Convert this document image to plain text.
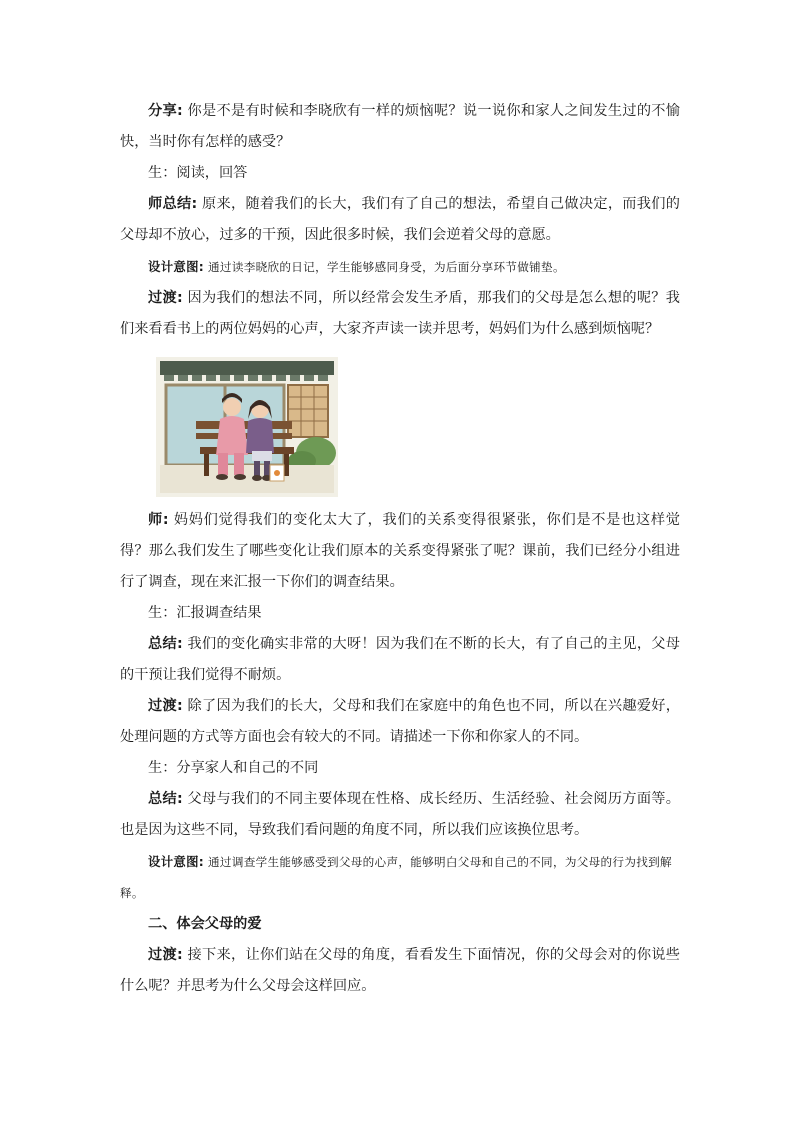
分享: 你是不是有时候和李晓欣有一样的烦恼呢？说一说你和家人之间发生过的不愉快，当时你有怎样的感受？

生：阅读，回答

师总结: 原来，随着我们的长大，我们有了自己的想法，希望自己做决定，而我们的父母却不放心，过多的干预，因此很多时候，我们会逆着父母的意愿。

设计意图: 通过读李晓欣的日记，学生能够感同身受，为后面分享环节做铺垫。

过渡: 因为我们的想法不同，所以经常会发生矛盾，那我们的父母是怎么想的呢？我们来看看书上的两位妈妈的心声，大家齐声读一读并思考，妈妈们为什么感到烦恼呢？

师: 妈妈们觉得我们的变化太大了，我们的关系变得很紧张，你们是不是也这样觉得？那么我们发生了哪些变化让我们原本的关系变得紧张了呢？课前，我们已经分小组进行了调查，现在来汇报一下你们的调查结果。

生：汇报调查结果

总结: 我们的变化确实非常的大呀！因为我们在不断的长大，有了自己的主见，父母的干预让我们觉得不耐烦。

过渡: 除了因为我们的长大，父母和我们在家庭中的角色也不同，所以在兴趣爱好，处理问题的方式等方面也会有较大的不同。请描述一下你和你家人的不同。

生：分享家人和自己的不同

总结: 父母与我们的不同主要体现在性格、成长经历、生活经验、社会阅历方面等。也是因为这些不同，导致我们看问题的角度不同，所以我们应该换位思考。

设计意图: 通过调查学生能够感受到父母的心声，能够明白父母和自己的不同，为父母的行为找到解释。

二、体会父母的爱

过渡: 接下来，让你们站在父母的角度，看看发生下面情况，你的父母会对的你说些什么呢？并思考为什么父母会这样回应。
